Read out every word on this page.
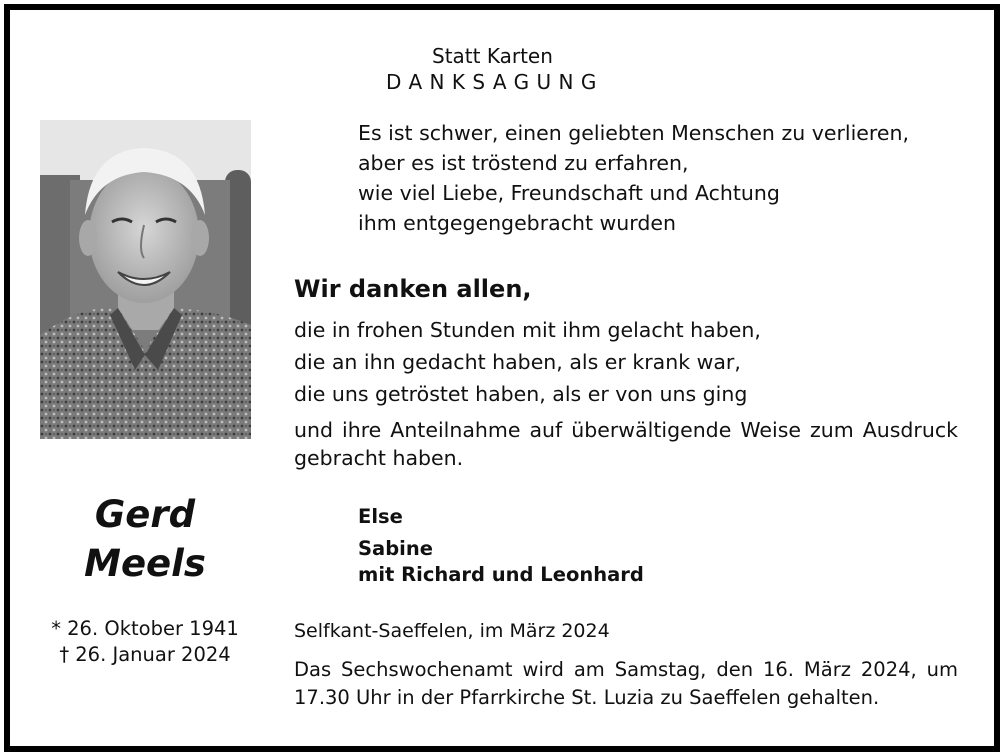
Statt Karten
DANKSAGUNG
Es ist schwer, einen geliebten Menschen zu verlieren,
aber es ist tröstend zu erfahren,
wie viel Liebe, Freundschaft und Achtung
ihm entgegengebracht wurden
Wir danken allen,
die in frohen Stunden mit ihm gelacht haben,
die an ihn gedacht haben, als er krank war,
die uns getröstet haben, als er von uns ging
und ihre Anteilnahme auf überwältigende Weise zum Ausdruck gebracht haben.
Gerd
Meels
* 26. Oktober 1941
† 26. Januar 2024
Else
Sabine
mit Richard und Leonhard
Selfkant-Saeffelen, im März 2024
Das Sechswochenamt wird am Samstag, den 16. März 2024, um 17.30 Uhr in der Pfarrkirche St. Luzia zu Saeffelen gehalten.
